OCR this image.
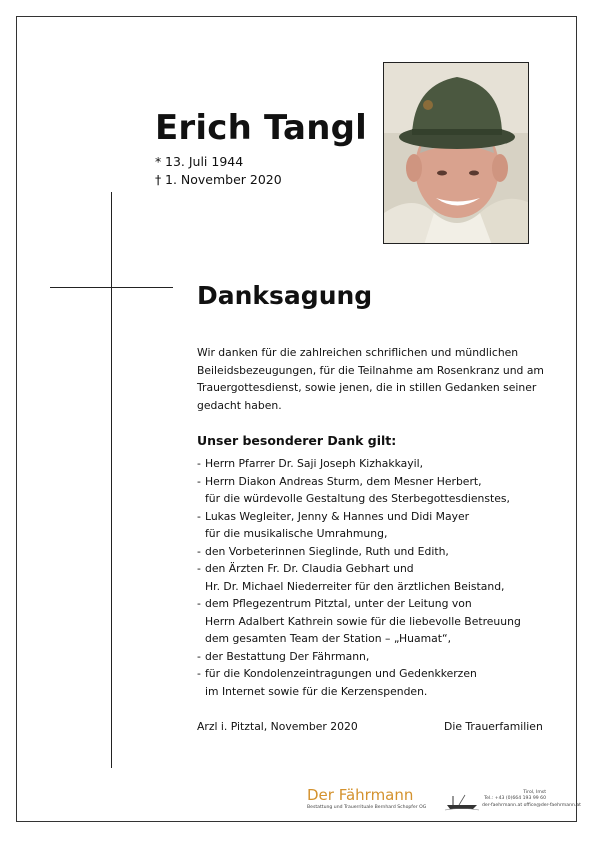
Erich Tangl
* 13. Juli 1944
† 1. November 2020
Danksagung

Wir danken für die zahlreichen schriflichen und mündlichen
Beileidsbezeugungen, für die Teilnahme am Rosenkranz und am
Trauergottesdienst, sowie jenen, die in stillen Gedanken seiner
gedacht haben.

Unser besonderer Dank gilt:
- Herrn Pfarrer Dr. Saji Joseph Kizhakkayil,
- Herrn Diakon Andreas Sturm, dem Mesner Herbert,
für die würdevolle Gestaltung des Sterbegottesdienstes,
- Lukas Wegleiter, Jenny & Hannes und Didi Mayer
für die musikalische Umrahmung,
- den Vorbeterinnen Sieglinde, Ruth und Edith,
- den Ärzten Fr. Dr. Claudia Gebhart und
Hr. Dr. Michael Niederreiter für den ärztlichen Beistand,
- dem Pflegezentrum Pitztal, unter der Leitung von
Herrn Adalbert Kathrein sowie für die liebevolle Betreuung
dem gesamten Team der Station – „Huamat“,
- der Bestattung Der Fährmann,
- für die Kondolenzeintragungen und Gedenkkerzen
im Internet sowie für die Kerzenspenden.
Arzl i. Pitztal, November 2020	Die Trauerfamilien
Der Fährmann
Bestattung und Trauerrituale Bernhard Schopfer OG
Tirol, Imst
Tel.: +43 (0)664 193 99 60
der-faehrmann.at office@der-faehrmann.at
